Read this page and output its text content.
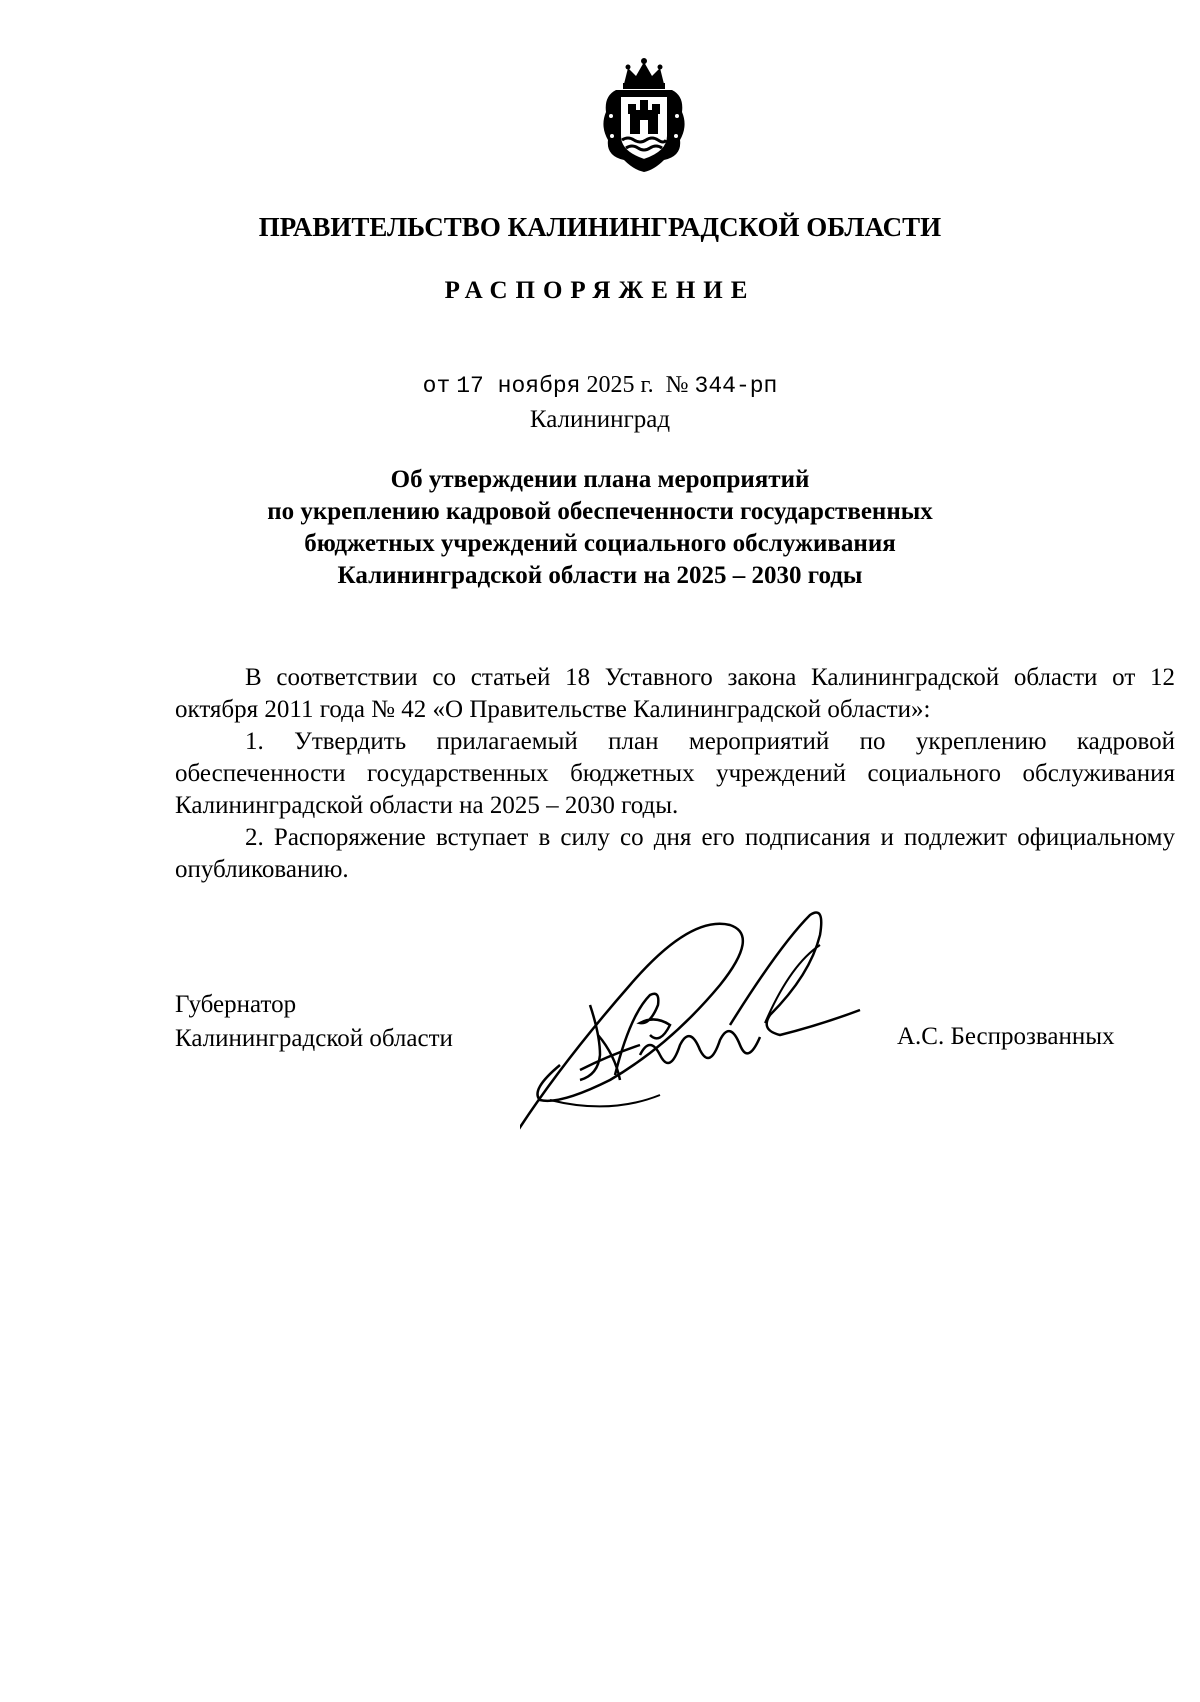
ПРАВИТЕЛЬСТВО КАЛИНИНГРАДСКОЙ ОБЛАСТИ
РАСПОРЯЖЕНИЕ
от 17 ноября 2025 г. № 344-рп
Калининград
Об утверждении плана мероприятий
по укреплению кадровой обеспеченности государственных
бюджетных учреждений социального обслуживания
Калининградской области на 2025 – 2030 годы

В соответствии со статьей 18 Уставного закона Калининградской области от 12 октября 2011 года № 42 «О Правительстве Калининградской области»:

1. Утвердить прилагаемый план мероприятий по укреплению кадровой обеспеченности государственных бюджетных учреждений социального обслуживания Калининградской области на 2025 – 2030 годы.

2. Распоряжение вступает в силу со дня его подписания и подлежит официальному опубликованию.

Губернатор
Калининградской области	А.С. Беспрозванных
